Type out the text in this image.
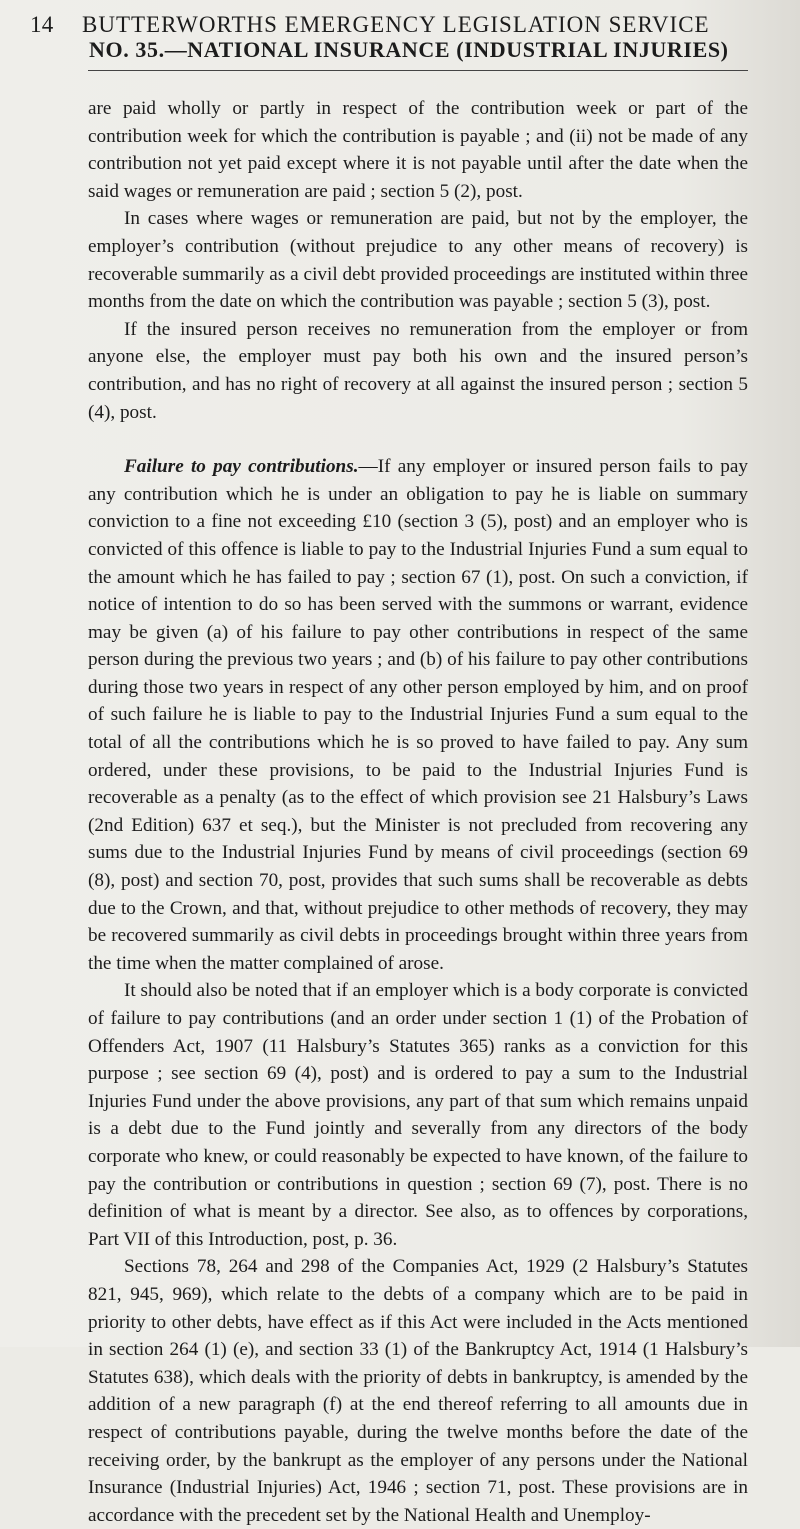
14 BUTTERWORTHS EMERGENCY LEGISLATION SERVICE
NO. 35.—NATIONAL INSURANCE (INDUSTRIAL INJURIES)

are paid wholly or partly in respect of the contribution week or part of the contribution week for which the contribution is payable ; and (ii) not be made of any contribution not yet paid except where it is not payable until after the date when the said wages or remuneration are paid ; section 5 (2), post.

In cases where wages or remuneration are paid, but not by the employer, the employer’s contribution (without prejudice to any other means of recovery) is recoverable summarily as a civil debt provided proceedings are instituted within three months from the date on which the contribution was payable ; section 5 (3), post.

If the insured person receives no remuneration from the employer or from anyone else, the employer must pay both his own and the insured person’s contribution, and has no right of recovery at all against the insured person ; section 5 (4), post.

Failure to pay contributions.—If any employer or insured person fails to pay any contribution which he is under an obligation to pay he is liable on summary conviction to a fine not exceeding £10 (section 3 (5), post) and an employer who is convicted of this offence is liable to pay to the Industrial Injuries Fund a sum equal to the amount which he has failed to pay ; section 67 (1), post. On such a conviction, if notice of intention to do so has been served with the summons or warrant, evidence may be given (a) of his failure to pay other contributions in respect of the same person during the previous two years ; and (b) of his failure to pay other contributions during those two years in respect of any other person employed by him, and on proof of such failure he is liable to pay to the Industrial Injuries Fund a sum equal to the total of all the contributions which he is so proved to have failed to pay. Any sum ordered, under these provisions, to be paid to the Industrial Injuries Fund is recoverable as a penalty (as to the effect of which provision see 21 Halsbury’s Laws (2nd Edition) 637 et seq.), but the Minister is not precluded from recovering any sums due to the Industrial Injuries Fund by means of civil proceedings (section 69 (8), post) and section 70, post, provides that such sums shall be recoverable as debts due to the Crown, and that, without prejudice to other methods of recovery, they may be recovered summarily as civil debts in proceedings brought within three years from the time when the matter complained of arose.

It should also be noted that if an employer which is a body corporate is convicted of failure to pay contributions (and an order under section 1 (1) of the Probation of Offenders Act, 1907 (11 Halsbury’s Statutes 365) ranks as a conviction for this purpose ; see section 69 (4), post) and is ordered to pay a sum to the Industrial Injuries Fund under the above provisions, any part of that sum which remains unpaid is a debt due to the Fund jointly and severally from any directors of the body corporate who knew, or could reasonably be expected to have known, of the failure to pay the contribution or contributions in question ; section 69 (7), post. There is no definition of what is meant by a director. See also, as to offences by corporations, Part VII of this Introduction, post, p. 36.

Sections 78, 264 and 298 of the Companies Act, 1929 (2 Halsbury’s Statutes 821, 945, 969), which relate to the debts of a company which are to be paid in priority to other debts, have effect as if this Act were included in the Acts mentioned in section 264 (1) (e), and section 33 (1) of the Bankruptcy Act, 1914 (1 Halsbury’s Statutes 638), which deals with the priority of debts in bankruptcy, is amended by the addition of a new paragraph (f) at the end thereof referring to all amounts due in respect of contributions payable, during the twelve months before the date of the receiving order, by the bankrupt as the employer of any persons under the National Insurance (Industrial Injuries) Act, 1946 ; section 71, post. These provisions are in accordance with the precedent set by the National Health and Unemploy-
